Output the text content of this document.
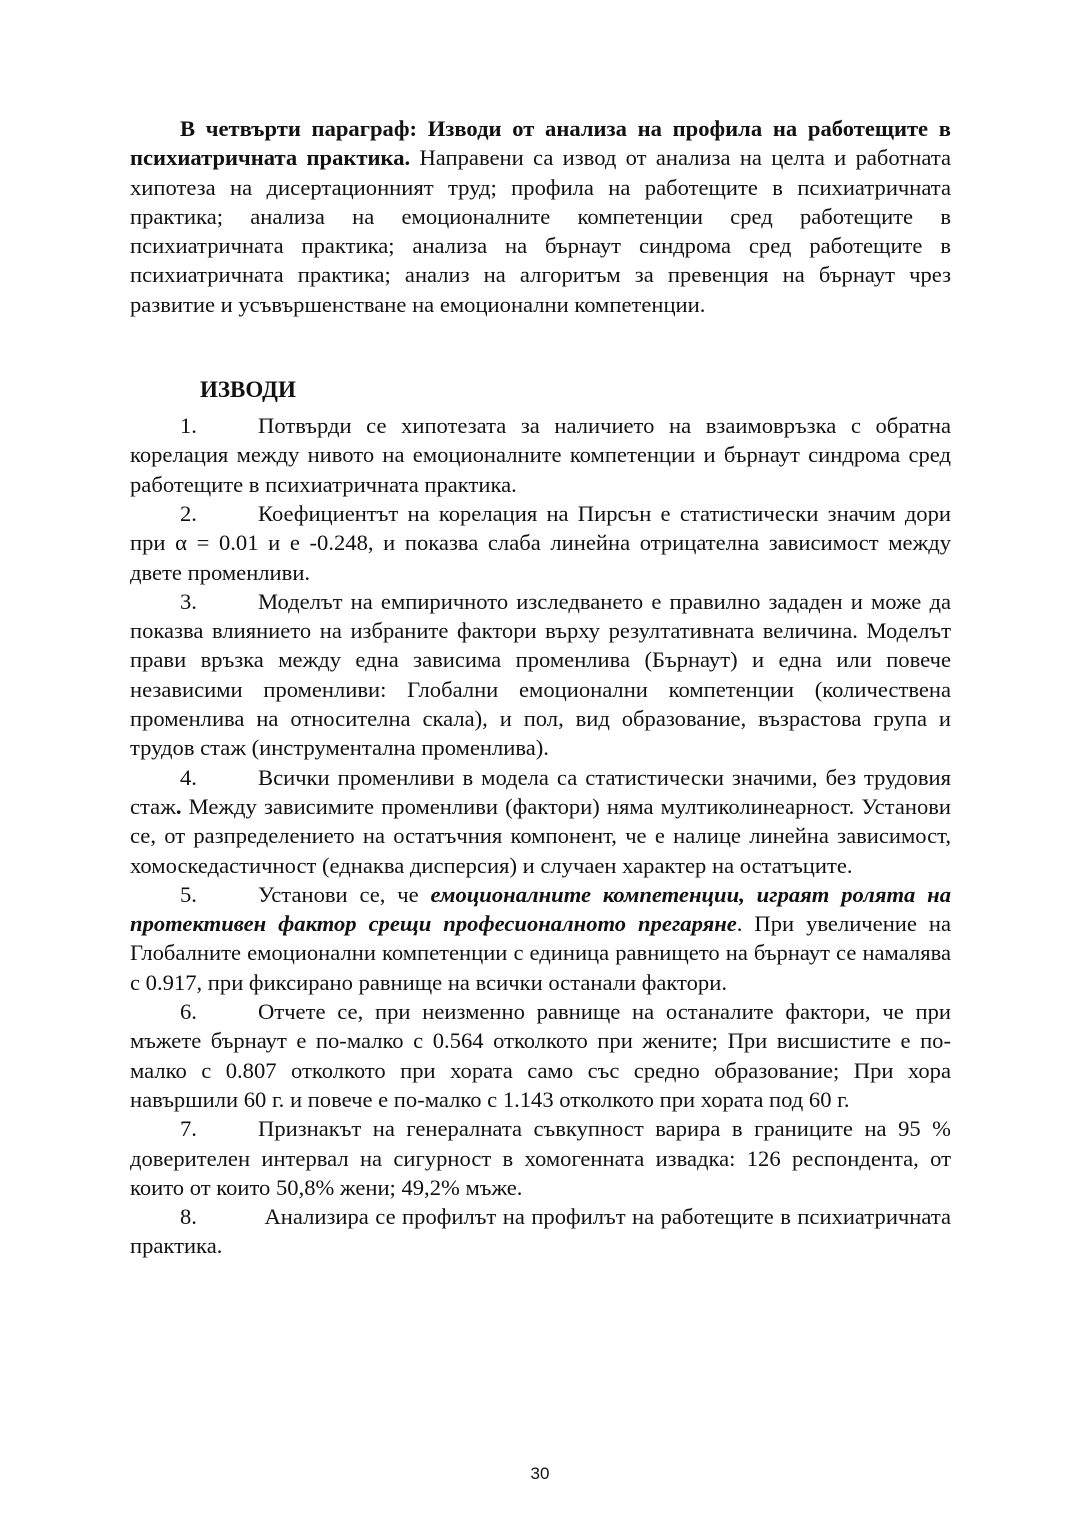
В четвърти параграф: Изводи от анализа на профила на работещите в психиатричната практика. Направени са извод от анализа на целта и работната хипотеза на дисертационният труд; профила на работещите в психиатричната практика; анализа на емоционалните компетенции сред работещите в психиатричната практика; анализа на бърнаут синдрома сред работещите в психиатричната практика; анализ на алгоритъм за превенция на бърнаут чрез развитие и усъвършенстване на емоционални компетенции.

ИЗВОДИ

1.	Потвърди се хипотезата за наличието на взаимовръзка с обратна корелация между нивото на емоционалните компетенции и бърнаут синдрома сред работещите в психиатричната практика.

2.	Коефициентът на корелация на Пирсън е статистически значим дори при α = 0.01 и е -0.248, и показва слаба линейна отрицателна зависимост между двете променливи.

3.	Моделът на емпиричното изследването е правилно зададен и може да показва влиянието на избраните фактори върху резултативната величина. Моделът прави връзка между една зависима променлива (Бърнаут) и една или повече независими променливи: Глобални емоционални компетенции (количествена променлива на относителна скала), и пол, вид образование, възрастова група и трудов стаж (инструментална променлива).

4.	Всички променливи в модела са статистически значими, без трудовия стаж. Между зависимите променливи (фактори) няма мултиколинеарност. Установи се, от разпределението на остатъчния компонент, че е налице линейна зависимост, хомоскедастичност (еднаква дисперсия) и случаен характер на остатъците.

5.	Установи се, че емоционалните компетенции, играят ролята на протективен фактор срещи професионалното прегаряне. При увеличение на Глобалните емоционални компетенции с единица равнището на бърнаут се намалява с 0.917, при фиксирано равнище на всички останали фактори.

6.	Отчете се, при неизменно равнище на останалите фактори, че при мъжете бърнаут е по-малко с 0.564 отколкото при жените; При висшистите е по-малко с 0.807 отколкото при хората само със средно образование; При хора навършили 60 г. и повече е по-малко с 1.143 отколкото при хората под 60 г.

7.	Признакът на генералната съвкупност варира в границите на 95 % доверителен интервал на сигурност в хомогенната извадка: 126 респондента, от които от които 50,8% жени; 49,2% мъже.

8.	Анализира се профилът на профилът на работещите в психиатричната практика.

30
